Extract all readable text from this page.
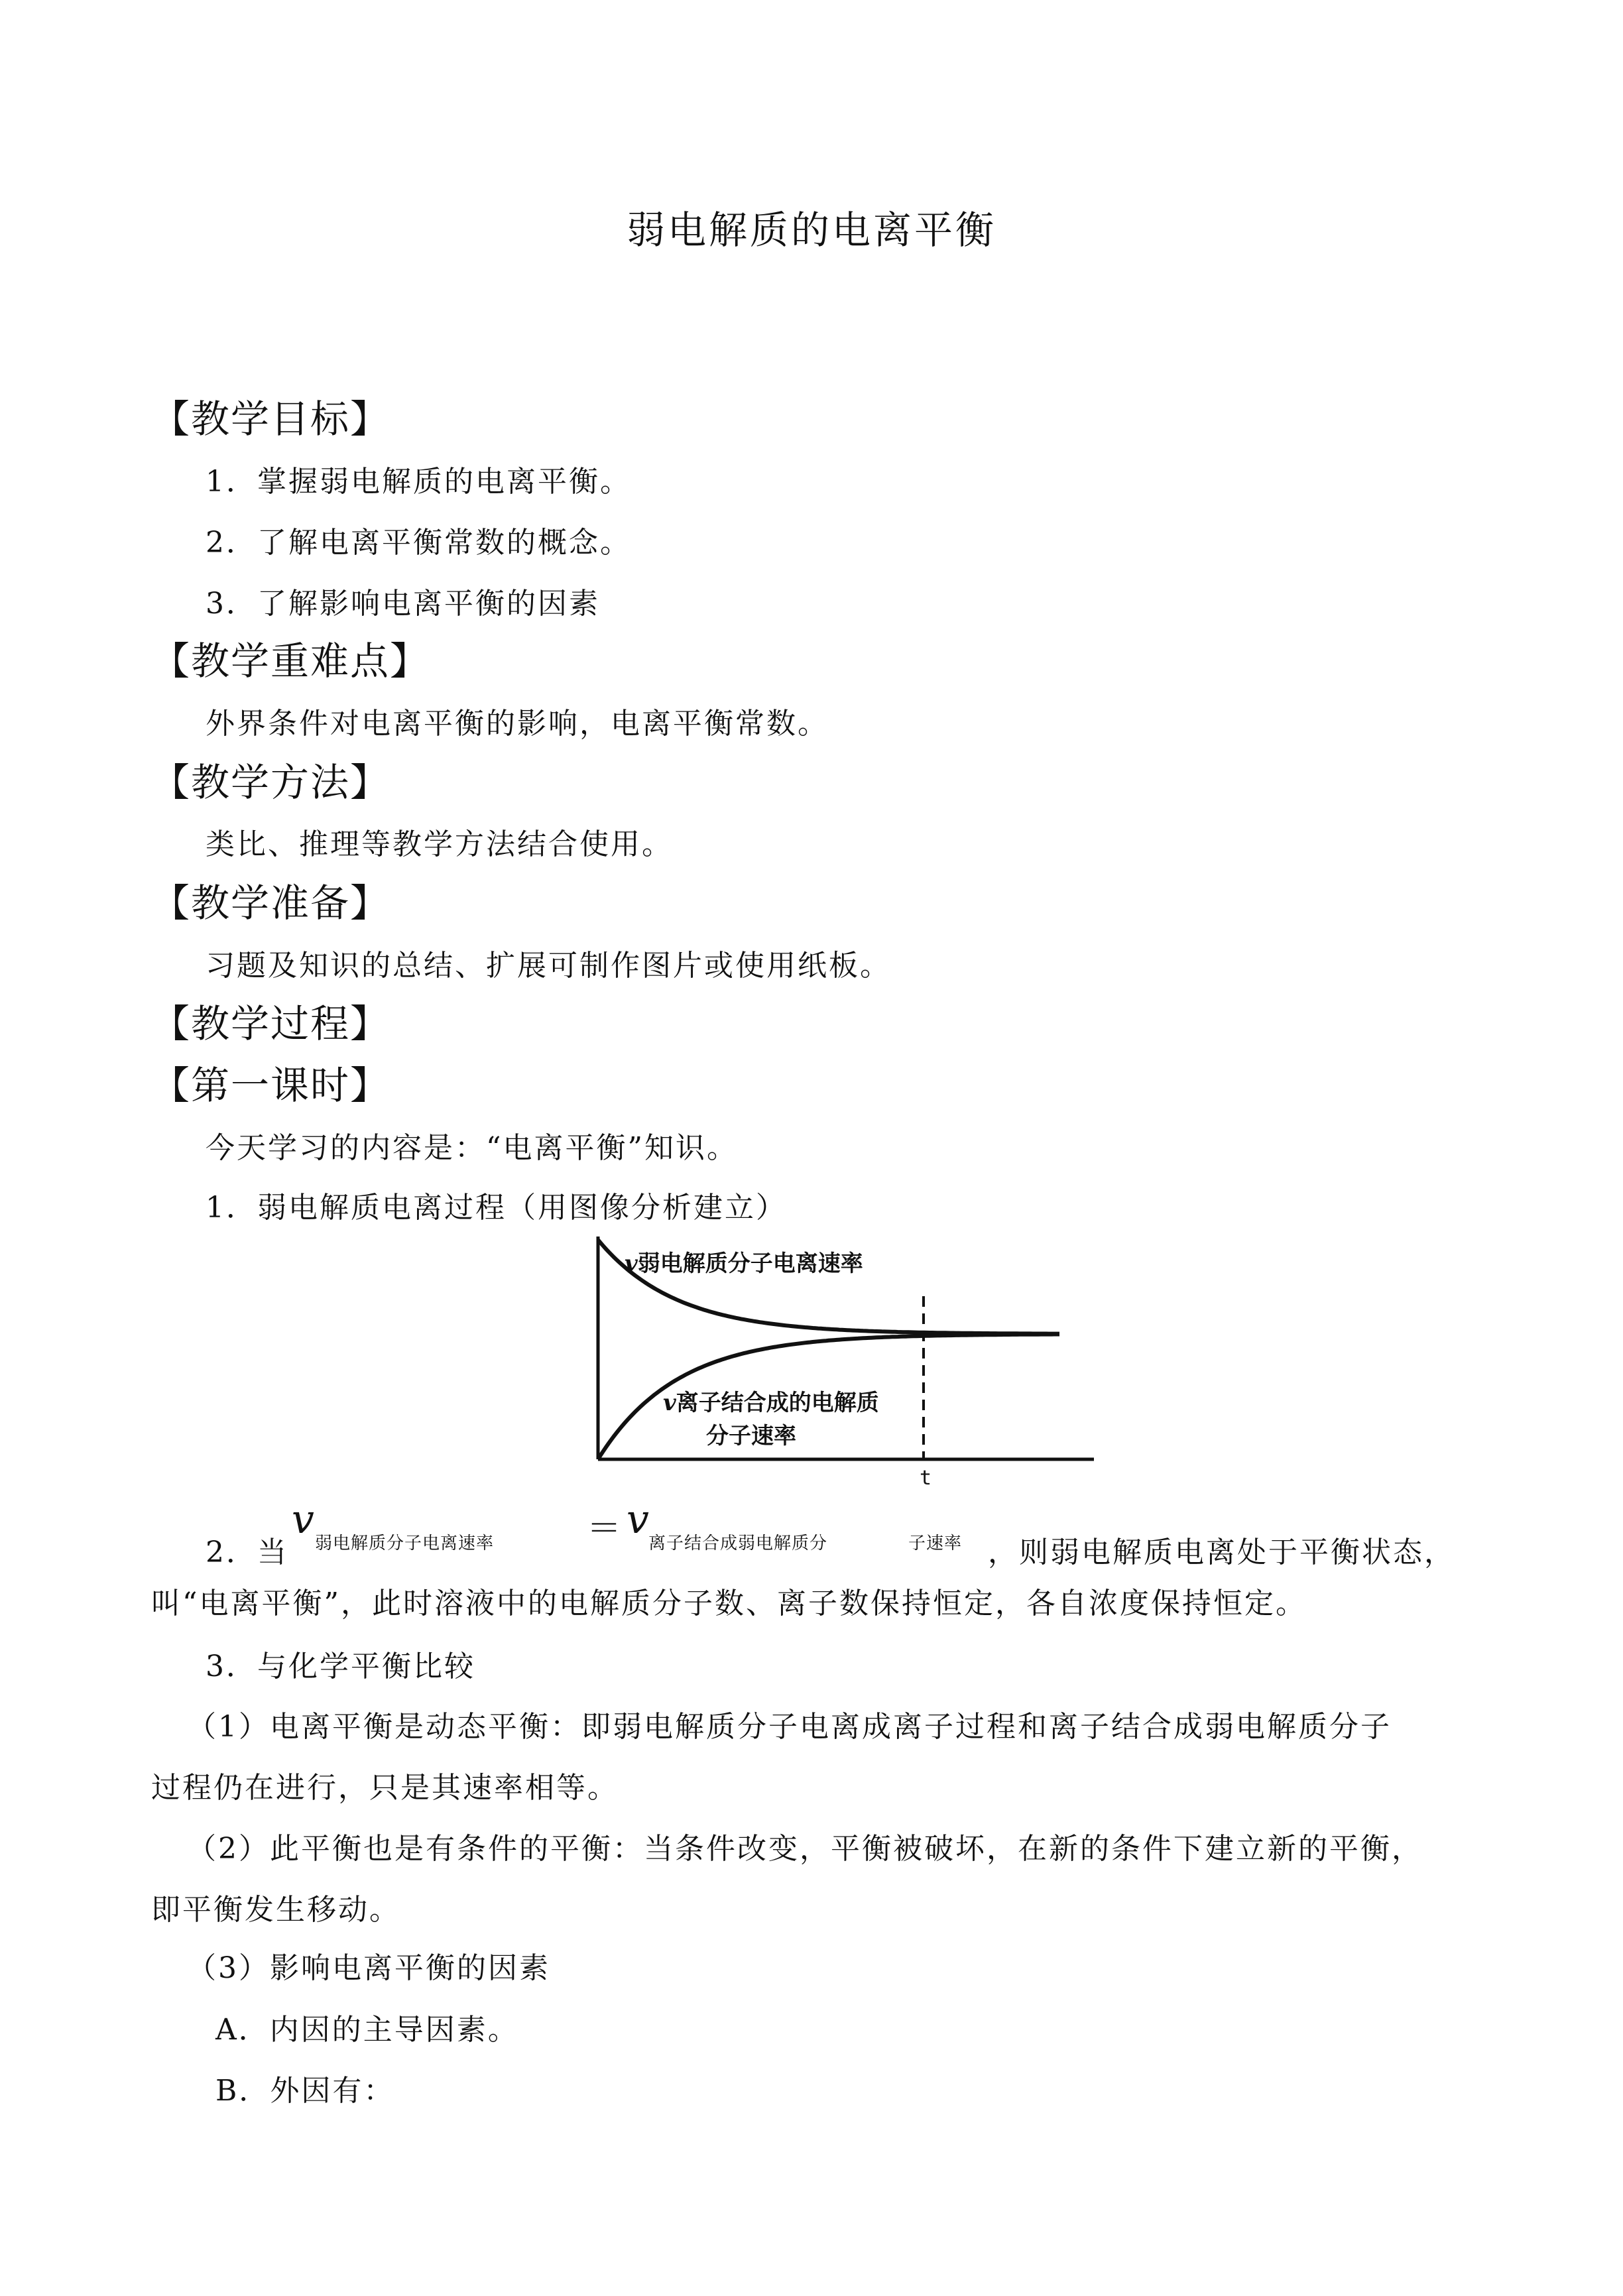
弱电解质的电离平衡
【教学目标】
1．掌握弱电解质的电离平衡。
2．了解电离平衡常数的概念。
3．了解影响电离平衡的因素
【教学重难点】
外界条件对电离平衡的影响，电离平衡常数。
【教学方法】
类比、推理等教学方法结合使用。
【教学准备】
习题及知识的总结、扩展可制作图片或使用纸板。
【教学过程】
【第一课时】
今天学习的内容是：“电离平衡”知识。
1．弱电解质电离过程（用图像分析建立）
v弱电解质分子电离速率
v离子结合成的电解质
分子速率
t
2．当
v
弱电解质分子电离速率	＝ v
离子结合成弱电解质分	子速率 ，则弱电解质电离处于平衡状态，
叫“电离平衡”，此时溶液中的电解质分子数、离子数保持恒定，各自浓度保持恒定。
3．与化学平衡比较
（1）电离平衡是动态平衡：即弱电解质分子电离成离子过程和离子结合成弱电解质分子
过程仍在进行，只是其速率相等。
（2）此平衡也是有条件的平衡：当条件改变，平衡被破坏，在新的条件下建立新的平衡，
即平衡发生移动。
（3）影响电离平衡的因素
A．内因的主导因素。
B．外因有：
